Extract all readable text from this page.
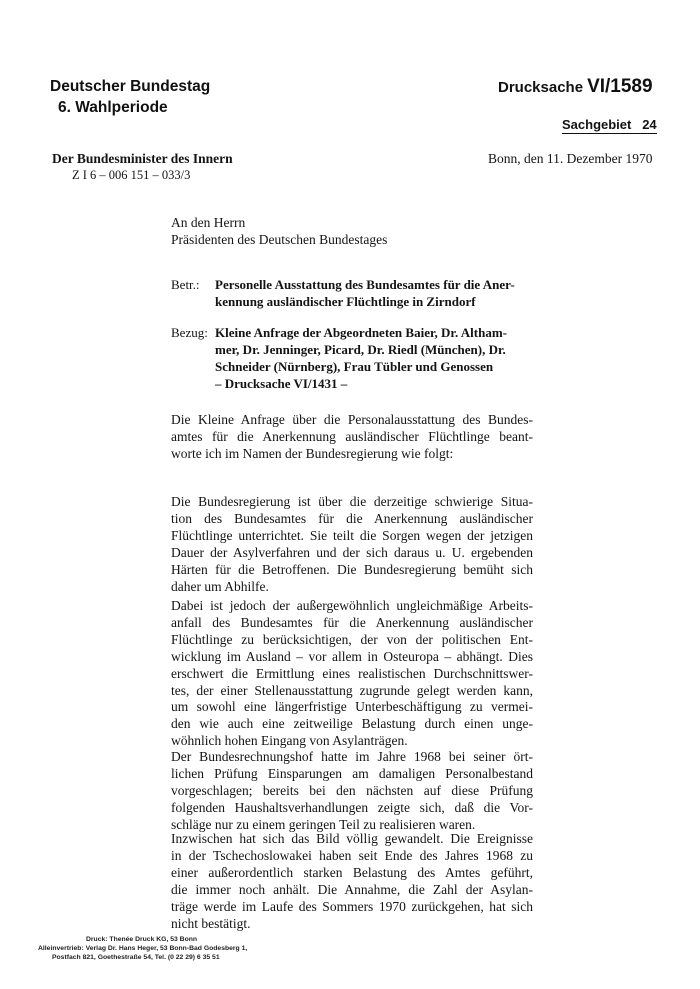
Deutscher Bundestag
6. Wahlperiode
Drucksache VI/1589
Sachgebiet   24
Der Bundesminister des Innern
Z I 6 – 006 151 – 033/3
Bonn, den 11. Dezember 1970
An den Herrn
Präsidenten des Deutschen Bundestages
Betr.: Personelle Ausstattung des Bundesamtes für die Aner-
kennung ausländischer Flüchtlinge in Zirndorf
Bezug: Kleine Anfrage der Abgeordneten Baier, Dr. Altham-
mer, Dr. Jenninger, Picard, Dr. Riedl (München), Dr.
Schneider (Nürnberg), Frau Tübler und Genossen
– Drucksache VI/1431 –
Die Kleine Anfrage über die Personalausstattung des Bundes-
amtes für die Anerkennung ausländischer Flüchtlinge beant-
worte ich im Namen der Bundesregierung wie folgt:
Die Bundesregierung ist über die derzeitige schwierige Situa-
tion des Bundesamtes für die Anerkennung ausländischer
Flüchtlinge unterrichtet. Sie teilt die Sorgen wegen der jetzigen
Dauer der Asylverfahren und der sich daraus u. U. ergebenden
Härten für die Betroffenen. Die Bundesregierung bemüht sich
daher um Abhilfe.
Dabei ist jedoch der außergewöhnlich ungleichmäßige Arbeits-
anfall des Bundesamtes für die Anerkennung ausländischer
Flüchtlinge zu berücksichtigen, der von der politischen Ent-
wicklung im Ausland – vor allem in Osteuropa – abhängt. Dies
erschwert die Ermittlung eines realistischen Durchschnittswer-
tes, der einer Stellenausstattung zugrunde gelegt werden kann,
um sowohl eine längerfristige Unterbeschäftigung zu vermei-
den wie auch eine zeitweilige Belastung durch einen unge-
wöhnlich hohen Eingang von Asylanträgen.
Der Bundesrechnungshof hatte im Jahre 1968 bei seiner ört-
lichen Prüfung Einsparungen am damaligen Personalbestand
vorgeschlagen; bereits bei den nächsten auf diese Prüfung
folgenden Haushaltsverhandlungen zeigte sich, daß die Vor-
schläge nur zu einem geringen Teil zu realisieren waren.
Inzwischen hat sich das Bild völlig gewandelt. Die Ereignisse
in der Tschechoslowakei haben seit Ende des Jahres 1968 zu
einer außerordentlich starken Belastung des Amtes geführt,
die immer noch anhält. Die Annahme, die Zahl der Asylan-
träge werde im Laufe des Sommers 1970 zurückgehen, hat sich
nicht bestätigt.
Druck: Thenée Druck KG, 53 Bonn
Alleinvertrieb: Verlag Dr. Hans Heger, 53 Bonn-Bad Godesberg 1,
Postfach 821, Goethestraße 54, Tel. (0 22 29) 6 35 51
